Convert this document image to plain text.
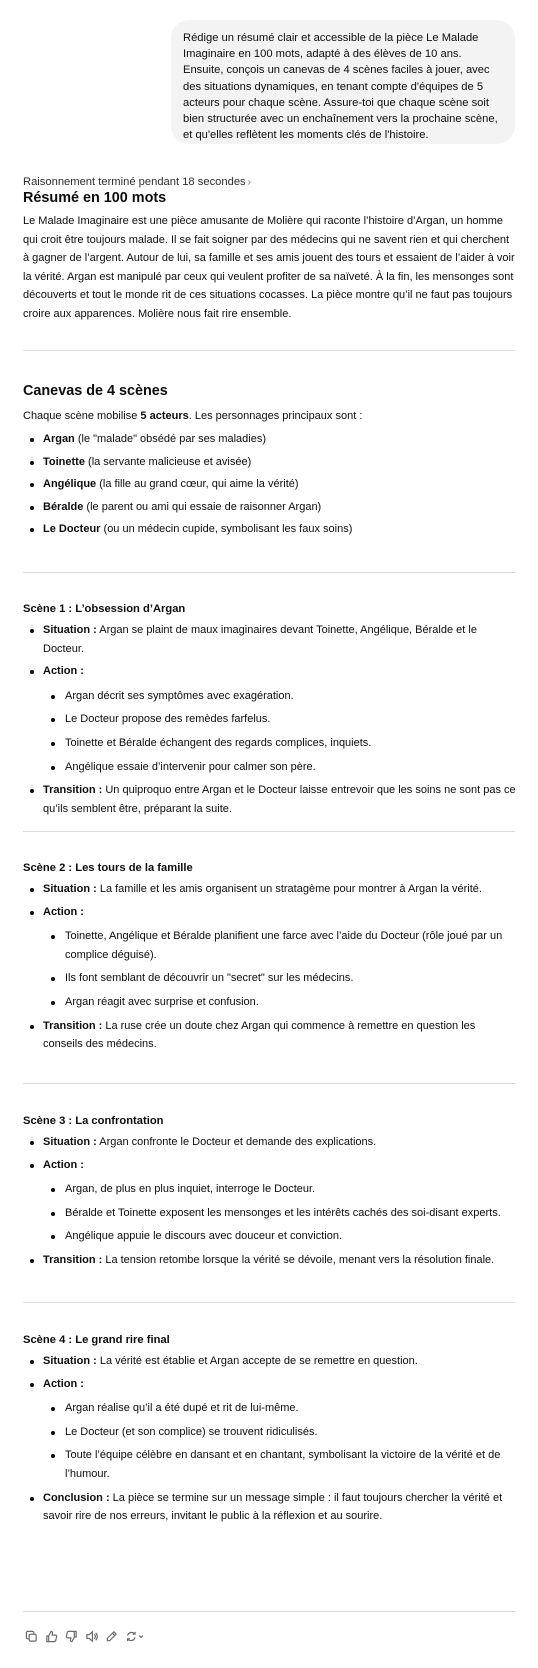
Rédige un résumé clair et accessible de la pièce Le Malade Imaginaire en 100 mots, adapté à des élèves de 10 ans. Ensuite, conçois un canevas de 4 scènes faciles à jouer, avec des situations dynamiques, en tenant compte d'équipes de 5 acteurs pour chaque scène. Assure-toi que chaque scène soit bien structurée avec un enchaînement vers la prochaine scène, et qu'elles reflètent les moments clés de l'histoire.
Raisonnement terminé pendant 18 secondes ›
Résumé en 100 mots
Le Malade Imaginaire est une pièce amusante de Molière qui raconte l’histoire d’Argan, un homme qui croit être toujours malade. Il se fait soigner par des médecins qui ne savent rien et qui cherchent à gagner de l’argent. Autour de lui, sa famille et ses amis jouent des tours et essaient de l’aider à voir la vérité. Argan est manipulé par ceux qui veulent profiter de sa naïveté. À la fin, les mensonges sont découverts et tout le monde rit de ces situations cocasses. La pièce montre qu’il ne faut pas toujours croire aux apparences. Molière nous fait rire ensemble.
Canevas de 4 scènes
Chaque scène mobilise 5 acteurs. Les personnages principaux sont :
Argan (le "malade" obsédé par ses maladies)
Toinette (la servante malicieuse et avisée)
Angélique (la fille au grand cœur, qui aime la vérité)
Béralde (le parent ou ami qui essaie de raisonner Argan)
Le Docteur (ou un médecin cupide, symbolisant les faux soins)
Scène 1 : L’obsession d’Argan
Situation : Argan se plaint de maux imaginaires devant Toinette, Angélique, Béralde et le Docteur.
Action :
Argan décrit ses symptômes avec exagération.
Le Docteur propose des remèdes farfelus.
Toinette et Béralde échangent des regards complices, inquiets.
Angélique essaie d’intervenir pour calmer son père.
Transition : Un quiproquo entre Argan et le Docteur laisse entrevoir que les soins ne sont pas ce qu’ils semblent être, préparant la suite.
Scène 2 : Les tours de la famille
Situation : La famille et les amis organisent un stratagème pour montrer à Argan la vérité.
Action :
Toinette, Angélique et Béralde planifient une farce avec l’aide du Docteur (rôle joué par un complice déguisé).
Ils font semblant de découvrir un "secret" sur les médecins.
Argan réagit avec surprise et confusion.
Transition : La ruse crée un doute chez Argan qui commence à remettre en question les conseils des médecins.
Scène 3 : La confrontation
Situation : Argan confronte le Docteur et demande des explications.
Action :
Argan, de plus en plus inquiet, interroge le Docteur.
Béralde et Toinette exposent les mensonges et les intérêts cachés des soi-disant experts.
Angélique appuie le discours avec douceur et conviction.
Transition : La tension retombe lorsque la vérité se dévoile, menant vers la résolution finale.
Scène 4 : Le grand rire final
Situation : La vérité est établie et Argan accepte de se remettre en question.
Action :
Argan réalise qu’il a été dupé et rit de lui-même.
Le Docteur (et son complice) se trouvent ridiculisés.
Toute l’équipe célèbre en dansant et en chantant, symbolisant la victoire de la vérité et de l’humour.
Conclusion : La pièce se termine sur un message simple : il faut toujours chercher la vérité et savoir rire de nos erreurs, invitant le public à la réflexion et au sourire.
